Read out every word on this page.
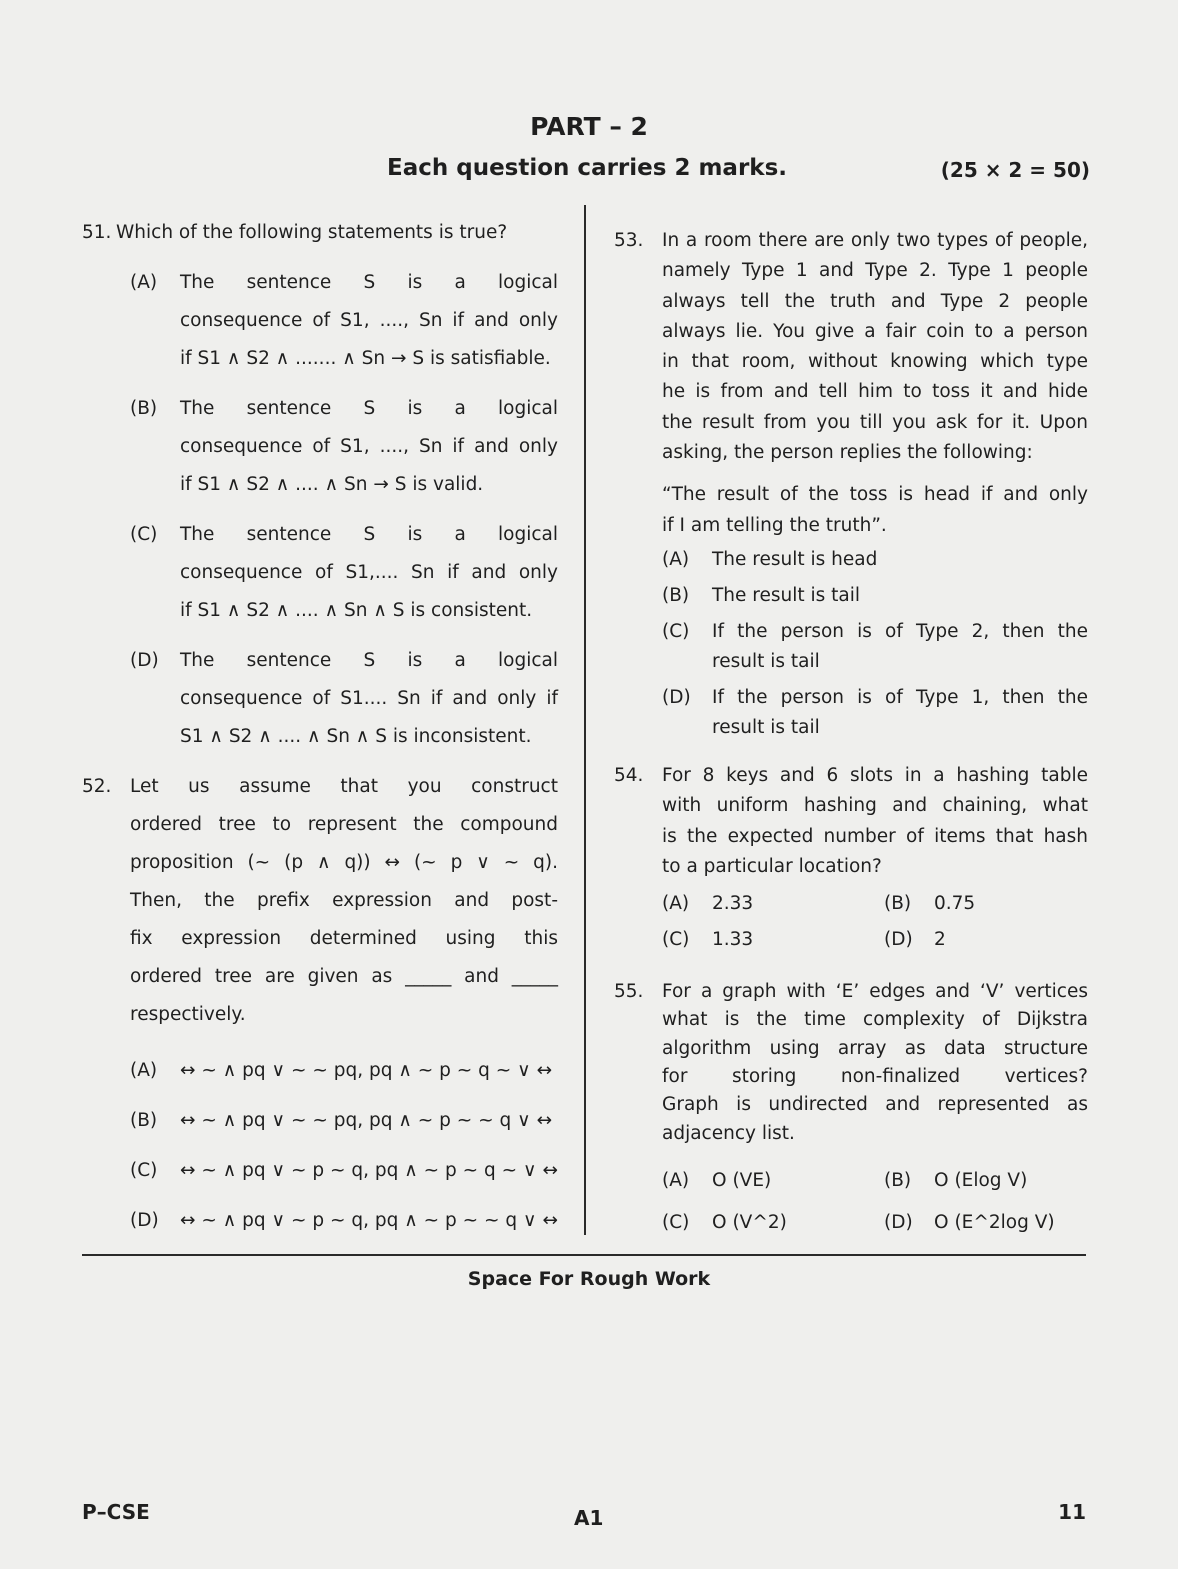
PART – 2
Each question carries 2 marks.	(25 × 2 = 50)
51. Which of the following statements is true?
(A) The sentence S is a logical
consequence of S1, ...., Sn if and only
if S1 ∧ S2 ∧ ....... ∧ Sn → S is satisfiable.
(B) The sentence S is a logical
consequence of S1, ...., Sn if and only
if S1 ∧ S2 ∧ .... ∧ Sn → S is valid.
(C) The sentence S is a logical
consequence of S1,.... Sn if and only
if S1 ∧ S2 ∧ .... ∧ Sn ∧ S is consistent.
(D) The sentence S is a logical
consequence of S1.... Sn if and only if
S1 ∧ S2 ∧ .... ∧ Sn ∧ S is inconsistent.
52. Let us assume that you construct
ordered tree to represent the compound
proposition (~ (p ∧ q)) ↔ (~ p ∨ ~ q).
Then, the prefix expression and post-
fix expression determined using this
ordered tree are given as _____ and _____
respectively.
(A) ↔ ~ ∧ pq ∨ ~ ~ pq, pq ∧ ~ p ~ q ~ ∨ ↔
(B) ↔ ~ ∧ pq ∨ ~ ~ pq, pq ∧ ~ p ~ ~ q ∨ ↔
(C) ↔ ~ ∧ pq ∨ ~ p ~ q, pq ∧ ~ p ~ q ~ ∨ ↔
(D) ↔ ~ ∧ pq ∨ ~ p ~ q, pq ∧ ~ p ~ ~ q ∨ ↔
53. In a room there are only two types of people,
namely Type 1 and Type 2. Type 1 people
always tell the truth and Type 2 people
always lie. You give a fair coin to a person
in that room, without knowing which type
he is from and tell him to toss it and hide
the result from you till you ask for it. Upon
asking, the person replies the following:
“The result of the toss is head if and only
if I am telling the truth”.
(A) The result is head
(B) The result is tail
(C) If the person is of Type 2, then the
result is tail
(D) If the person is of Type 1, then the
result is tail
54. For 8 keys and 6 slots in a hashing table
with uniform hashing and chaining, what
is the expected number of items that hash
to a particular location?
(A) 2.33	(B) 0.75
(C) 1.33	(D) 2
55. For a graph with ‘E’ edges and ‘V’ vertices
what is the time complexity of Dijkstra
algorithm using array as data structure
for storing non-finalized vertices?
Graph is undirected and represented as
adjacency list.
(A) O (VE)	(B) O (Elog V)
(C) O (V^2)	(D) O (E^2log V)
Space For Rough Work
P–CSE	A1	11
